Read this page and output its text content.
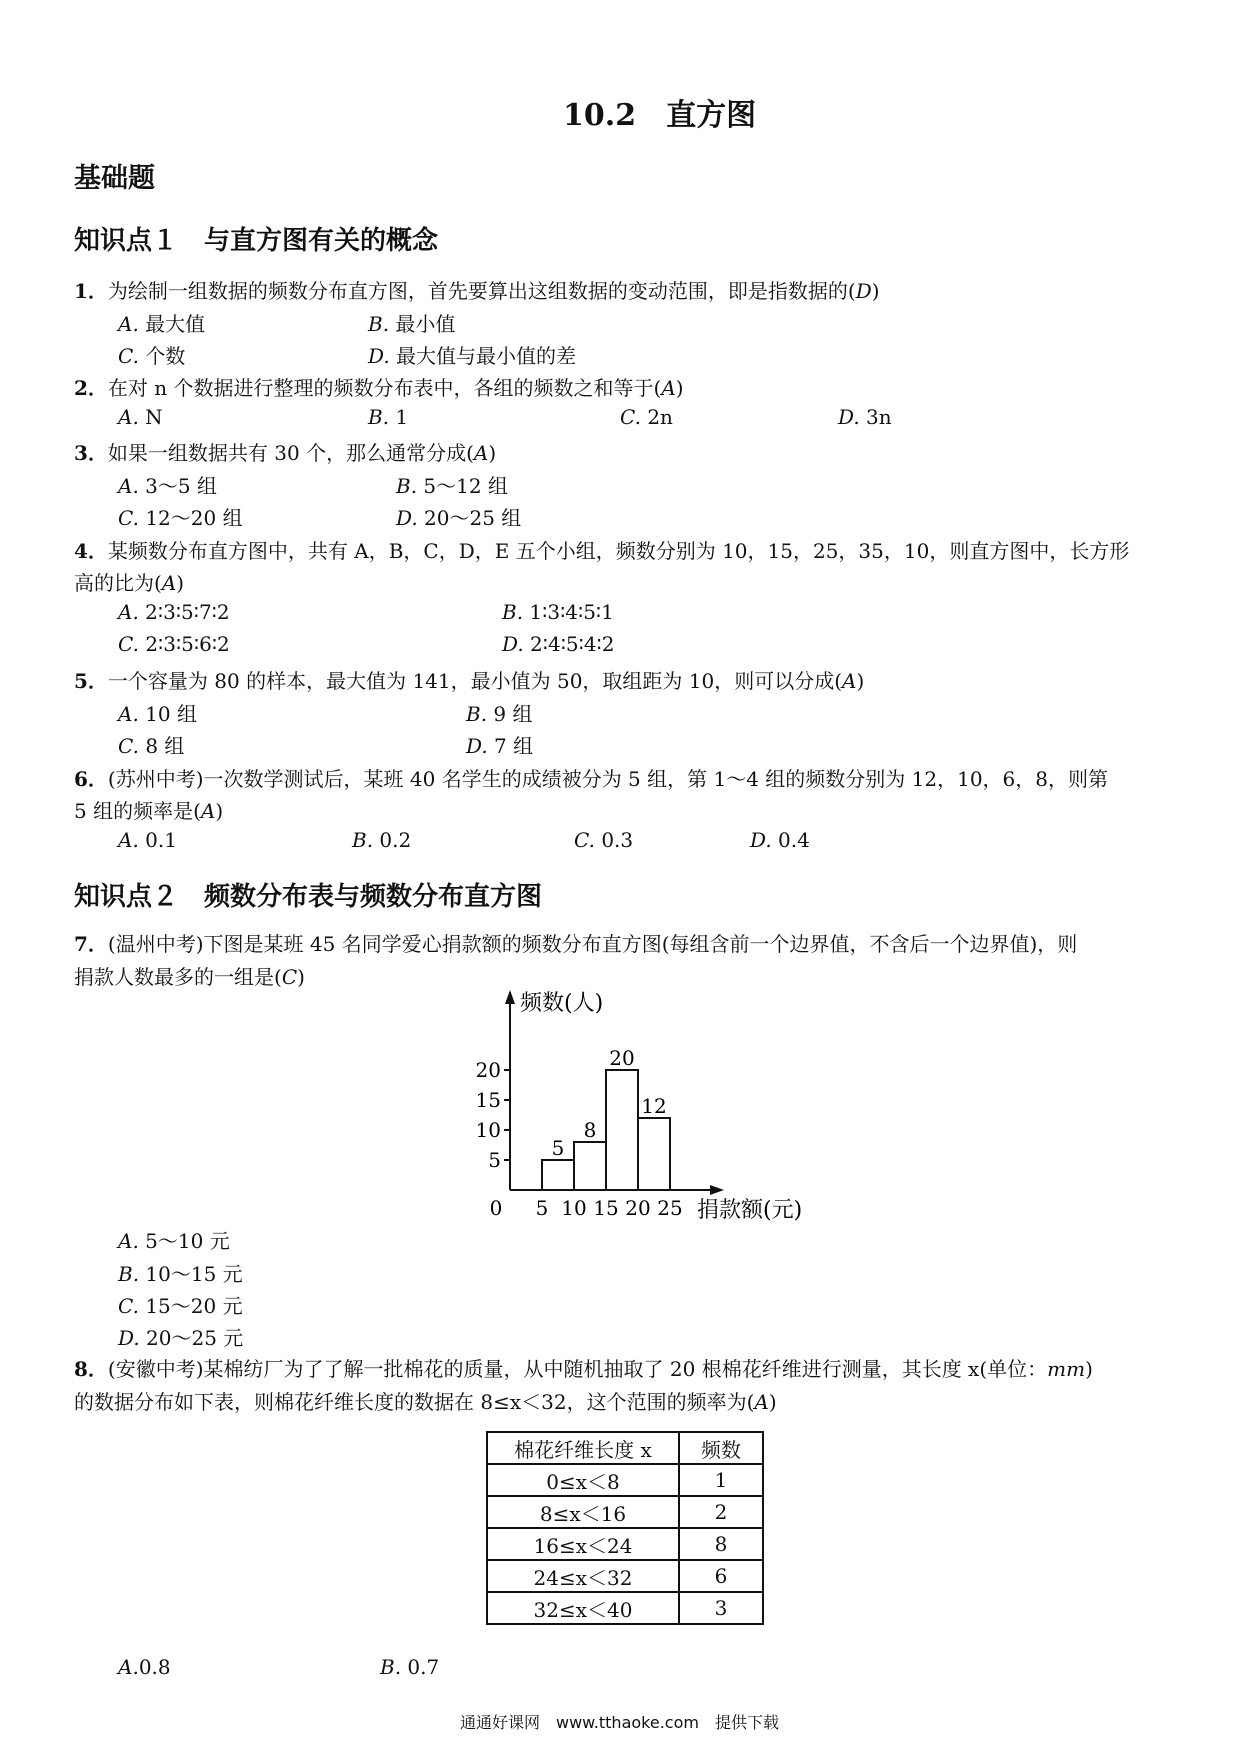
10.2　直方图
基础题
知识点１　与直方图有关的概念
1．为绘制一组数据的频数分布直方图，首先要算出这组数据的变动范围，即是指数据的(D)
A. 最大值	B. 最小值
C. 个数	D. 最大值与最小值的差
2．在对 n 个数据进行整理的频数分布表中，各组的频数之和等于(A)
A. N	B. 1	C. 2n	D. 3n
3．如果一组数据共有 30 个，那么通常分成(A)
A. 3～5 组	B. 5～12 组
C. 12～20 组	D. 20～25 组
4．某频数分布直方图中，共有 A，B，C，D，E 五个小组，频数分别为 10，15，25，35，10，则直方图中，长方形
高的比为(A)
A. 2∶3∶5∶7∶2	B. 1∶3∶4∶5∶1
C. 2∶3∶5∶6∶2	D. 2∶4∶5∶4∶2
5．一个容量为 80 的样本，最大值为 141，最小值为 50，取组距为 10，则可以分成(A)
A. 10 组	B. 9 组
C. 8 组	D. 7 组
6．(苏州中考)一次数学测试后，某班 40 名学生的成绩被分为 5 组，第 1～4 组的频数分别为 12，10，6，8，则第
5 组的频率是(A)
A. 0.1	B. 0.2	C. 0.3	D. 0.4
知识点２　频数分布表与频数分布直方图
7．(温州中考)下图是某班 45 名同学爱心捐款额的频数分布直方图(每组含前一个边界值，不含后一个边界值)，则
捐款人数最多的一组是(C)
5
8
20
12
5
10
15
20
0 5 10 15 20 25
频数(人)
捐款额(元)
A. 5～10 元
B. 10～15 元
C. 15～20 元
D. 20～25 元
8．(安徽中考)某棉纺厂为了了解一批棉花的质量，从中随机抽取了 20 根棉花纤维进行测量，其长度 x(单位：mm)
的数据分布如下表，则棉花纤维长度的数据在 8≤x＜32，这个范围的频率为(A)
棉花纤维长度 x	频数
0≤x＜8	1
8≤x＜16	2
16≤x＜24	8
24≤x＜32	6
32≤x＜40	3
A.0.8	B. 0.7
通通好课网　www.tthaoke.com　提供下载
